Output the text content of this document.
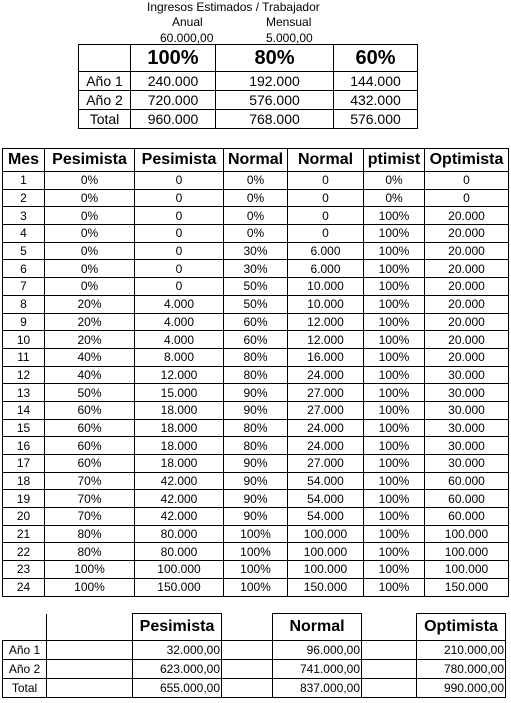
Ingresos Estimados / Trabajador
Anual	Mensual
60.000,00	5.000,00
	100%	80%	60%
Año 1	240.000	192.000	144.000
Año 2	720.000	576.000	432.000
Total	960.000	768.000	576.000
Mes	Pesimista	Pesimista	Normal	Normal	ptimist	Optimista
1	0%	0	0%	0	0%	0
2	0%	0	0%	0	0%	0
3	0%	0	0%	0	100%	20.000
4	0%	0	0%	0	100%	20.000
5	0%	0	30%	6.000	100%	20.000
6	0%	0	30%	6.000	100%	20.000
7	0%	0	50%	10.000	100%	20.000
8	20%	4.000	50%	10.000	100%	20.000
9	20%	4.000	60%	12.000	100%	20.000
10	20%	4.000	60%	12.000	100%	20.000
11	40%	8.000	80%	16.000	100%	20.000
12	40%	12.000	80%	24.000	100%	30.000
13	50%	15.000	90%	27.000	100%	30.000
14	60%	18.000	90%	27.000	100%	30.000
15	60%	18.000	80%	24.000	100%	30.000
16	60%	18.000	80%	24.000	100%	30.000
17	60%	18.000	90%	27.000	100%	30.000
18	70%	42.000	90%	54.000	100%	60.000
19	70%	42.000	90%	54.000	100%	60.000
20	70%	42.000	90%	54.000	100%	60.000
21	80%	80.000	100%	100.000	100%	100.000
22	80%	80.000	100%	100.000	100%	100.000
23	100%	100.000	100%	100.000	100%	100.000
24	100%	150.000	100%	150.000	100%	150.000
		Pesimista		Normal		Optimista
Año 1		32.000,00		96.000,00		210.000,00
Año 2		623.000,00		741.000,00		780.000,00
Total		655.000,00		837.000,00		990.000,00
